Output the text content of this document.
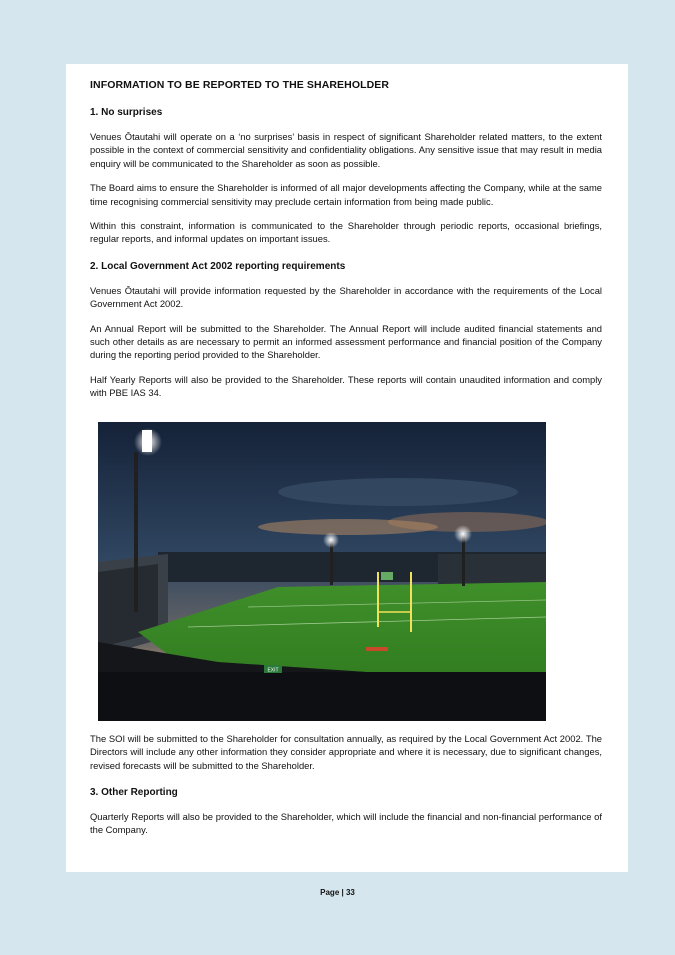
INFORMATION TO BE REPORTED TO THE SHAREHOLDER
1. No surprises

Venues Ōtautahi will operate on a ‘no surprises’ basis in respect of significant Shareholder related matters, to the extent possible in the context of commercial sensitivity and confidentiality obligations. Any sensitive issue that may result in media enquiry will be communicated to the Shareholder as soon as possible.

The Board aims to ensure the Shareholder is informed of all major developments affecting the Company, while at the same time recognising commercial sensitivity may preclude certain information from being made public.

Within this constraint, information is communicated to the Shareholder through periodic reports, occasional briefings, regular reports, and informal updates on important issues.

2. Local Government Act 2002 reporting requirements

Venues Ōtautahi will provide information requested by the Shareholder in accordance with the requirements of the Local Government Act 2002.

An Annual Report will be submitted to the Shareholder. The Annual Report will include audited financial statements and such other details as are necessary to permit an informed assessment performance and financial position of the Company during the reporting period provided to the Shareholder.

Half Yearly Reports will also be provided to the Shareholder. These reports will contain unaudited information and comply with PBE IAS 34.

EXIT

The SOI will be submitted to the Shareholder for consultation annually, as required by the Local Government Act 2002. The Directors will include any other information they consider appropriate and where it is necessary, due to significant changes, revised forecasts will be submitted to the Shareholder.

3. Other Reporting

Quarterly Reports will also be provided to the Shareholder, which will include the financial and non-financial performance of the Company.

Page | 33
